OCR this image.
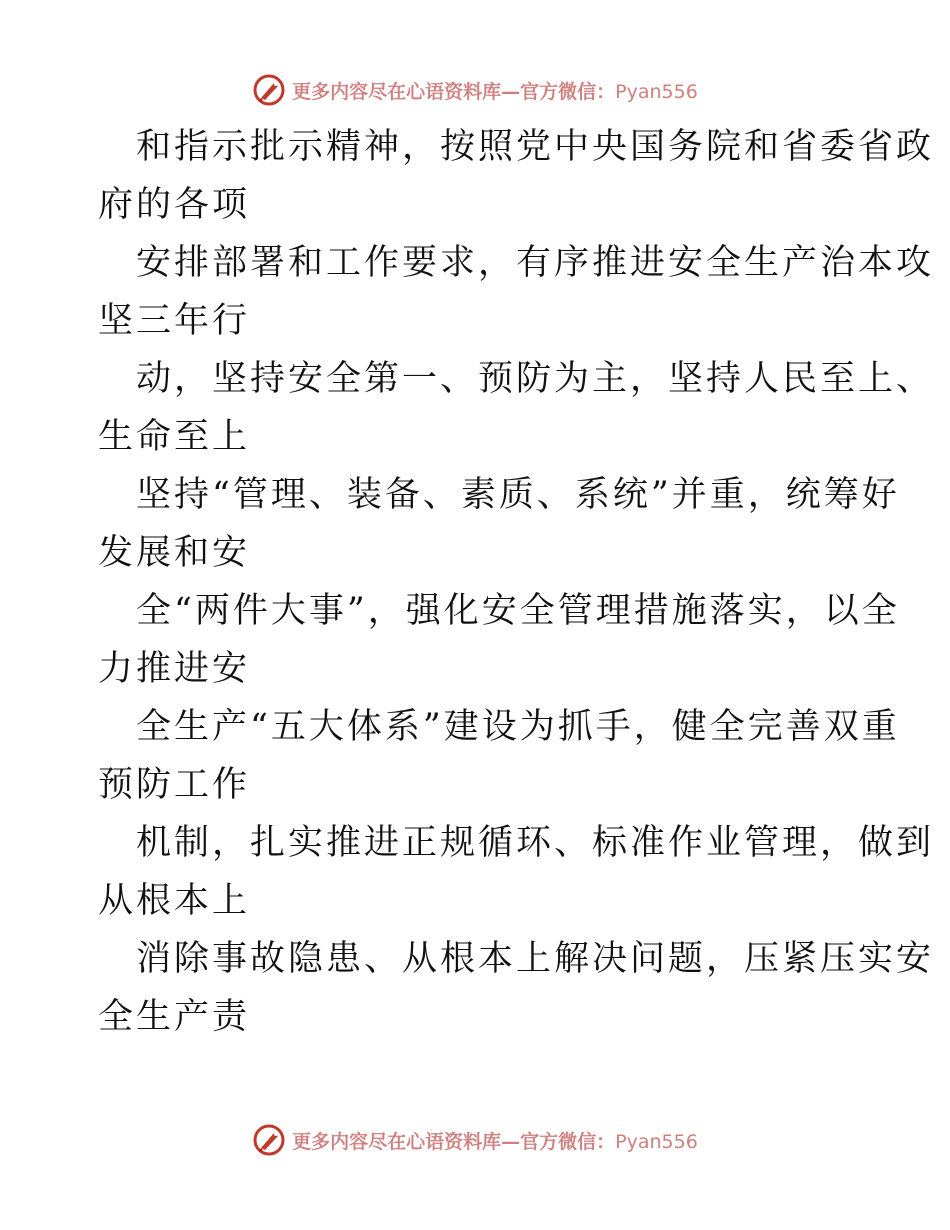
更多内容尽在心语资料库—官方微信：Pyan556

和指示批示精神，按照党中央国务院和省委省政
府的各项

安排部署和工作要求，有序推进安全生产治本攻
坚三年行

动，坚持安全第一、预防为主，坚持人民至上、
生命至上

坚持“管理、装备、素质、系统”并重，统筹好
发展和安

全“两件大事”，强化安全管理措施落实，以全
力推进安

全生产“五大体系”建设为抓手，健全完善双重
预防工作

机制，扎实推进正规循环、标准作业管理，做到
从根本上

消除事故隐患、从根本上解决问题，压紧压实安
全生产责

更多内容尽在心语资料库—官方微信：Pyan556
